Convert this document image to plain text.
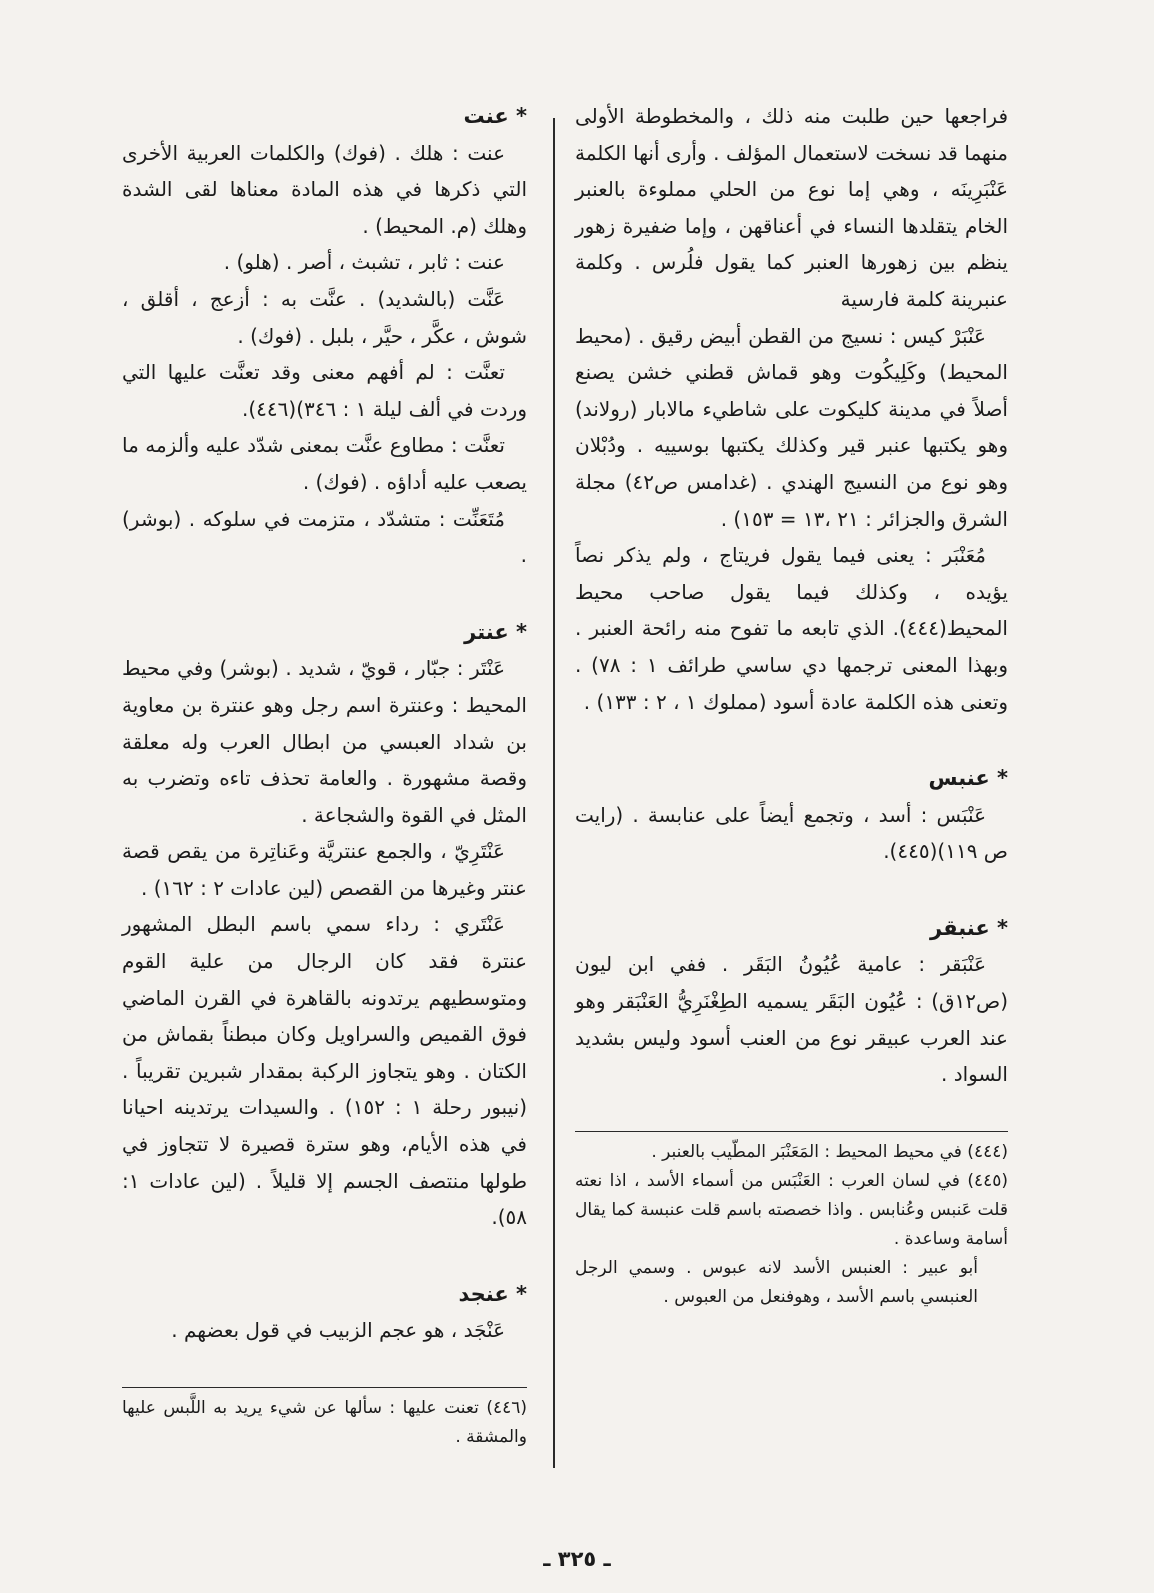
فراجعها حين طلبت منه ذلك ، والمخطوطة الأولى منهما قد نسخت لاستعمال المؤلف . وأرى أنها الكلمة عَنْبَرِينَه ، وهي إما نوع من الحلي مملوءة بالعنبر الخام يتقلدها النساء في أعناقهن ، وإما ضفيرة زهور ينظم بين زهورها العنبر كما يقول فلُرس . وكلمة عنبرينة كلمة فارسية

عَنْبَرْ كيس : نسيج من القطن أبيض رقيق . (محيط المحيط) وكَلِيكُوت وهو قماش قطني خشن يصنع أصلاً في مدينة كليكوت على شاطيء مالابار (رولاند) وهو يكتبها عنبر قير وكذلك يكتبها بوسييه . ودُبْلان وهو نوع من النسيج الهندي . (غدامس ص٤٢) مجلة الشرق والجزائر : ٢١ ،١٣ = ١٥٣) .

مُعَنْبَر : يعنى فيما يقول فريتاج ، ولم يذكر نصاً يؤيده ، وكذلك فيما يقول صاحب محيط المحيط(٤٤٤). الذي تابعه ما تفوح منه رائحة العنبر . وبهذا المعنى ترجمها دي ساسي طرائف ١ : ٧٨) . وتعنى هذه الكلمة عادة أسود (مملوك ١ ، ٢ : ١٣٣) .

* عنبس

عَنْبَس : أسد ، وتجمع أيضاً على عنابسة . (رايت ص ١١٩)(٤٤٥).

* عنبقر

عَنْبَقر : عامية عُيُونُ البَقَر . ففي ابن ليون (ص١٢ق) : عُيُون البَقَر يسميه الطِغْنَرِيُّ العَنْبَقر وهو عند العرب عبيقر نوع من العنب أسود وليس بشديد السواد .

(٤٤٤) في محيط المحيط : المَعَنْبَر المطّيب بالعنبر .

(٤٤٥) في لسان العرب : العَنْبَس من أسماء الأسد ، اذا نعته قلت عَنبس وعُنابس . واذا خصصته باسم قلت عنبسة كما يقال أسامة وساعدة .

أبو عبير : العنبس الأسد لانه عبوس . وسمي الرجل العنبسي باسم الأسد ، وهوفنعل من العبوس .

* عنت

عنت : هلك . (فوك) والكلمات العربية الأخرى التي ذكرها في هذه المادة معناها لقى الشدة وهلك (م. المحيط) .

عنت : ثابر ، تشبث ، أصر . (هلو) .

عَنَّت (بالشديد) . عنَّت به : أزعج ، أقلق ، شوش ، عكَّر ، حيَّر ، بلبل . (فوك) .

تعنَّت : لم أفهم معنى وقد تعنَّت عليها التي وردت في ألف ليلة ١ : ٣٤٦)(٤٤٦).

تعنَّت : مطاوع عنَّت بمعنى شدّد عليه وألزمه ما يصعب عليه أداؤه . (فوك) .

مُتَعَنِّت : متشدّد ، متزمت في سلوكه . (بوشر) .

* عنتر

عَنْتَر : جبّار ، قويّ ، شديد . (بوشر) وفي محيط المحيط : وعنترة اسم رجل وهو عنترة بن معاوية بن شداد العبسي من ابطال العرب وله معلقة وقصة مشهورة . والعامة تحذف تاءه وتضرب به المثل في القوة والشجاعة .

عَنْتَرِيّ ، والجمع عنتريَّة وعَناتِرة من يقص قصة عنتر وغيرها من القصص (لين عادات ٢ : ١٦٢) .

عَنْتَري : رداء سمي باسم البطل المشهور عنترة فقد كان الرجال من علية القوم ومتوسطيهم يرتدونه بالقاهرة في القرن الماضي فوق القميص والسراويل وكان مبطناً بقماش من الكتان . وهو يتجاوز الركبة بمقدار شبرين تقريباً . (نيبور رحلة ١ : ١٥٢) . والسيدات يرتدينه احيانا في هذه الأيام، وهو سترة قصيرة لا تتجاوز في طولها منتصف الجسم إلا قليلاً . (لين عادات ١: ٥٨).

* عنجد

عَنْجَد ، هو عجم الزبيب في قول بعضهم .

(٤٤٦) تعنت عليها : سألها عن شيء يريد به اللَّبس عليها والمشقة .

ـ ٣٢٥ ـ
